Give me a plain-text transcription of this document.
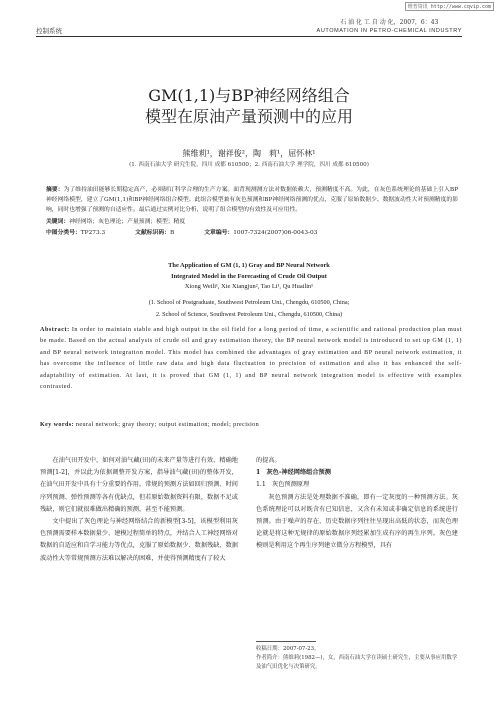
维普资讯 http://www.cqvip.com
控制系统
石 油 化 工 自 动 化，2007，6：43
AUTOMATION IN PETRO-CHEMICAL INDUSTRY
GM(1,1)与BP神经网络组合
模型在原油产量预测中的应用
熊维莉¹，谢祥俊²，陶　莉¹，屈怀林¹
(1. 西南石油大学 研究生院，四川 成都 610500；2. 西南石油大学 理学院，四川 成都 610500)
摘要：为了维持油田能够长期稳定高产，必须制订科学合理的生产方案。面背现测测方法对数据依赖大，预测精度不高。为此，在灰色系统理论的基础上引入BP神经网络模型，建立了GM(1,1)和BP神经网络组合模型。此组合模型兼有灰色预测和BP神经网络预测的优点，克服了原始数据少、数据波动性大对预测精度的影响，同时也增强了预测的自适应性。最后通过实例对比分析，说明了组合模型的有效性及可应用性。
关键词：神经网络；灰色理论；产量预测；模型；精度
中图分类号：TP273.3	文献标识码：B	文章编号：1007-7324(2007)06-0043-03
The Application of GM (1, 1) Gray and BP Neural Network
Integrated Model in the Forecasting of Crude Oil Output
Xiong Weili¹, Xie Xiangjun², Tao Li¹, Qu Huailin¹
(1. School of Postgraduate, Southwest Petroleum Uni., Chengdu, 610500, China;
2. School of Science, Southwest Petroleum Uni., Chengdu, 610500, China)
Abstract: In order to maintain stable and high output in the oil field for a long period of time, a scientific and rational production plan must be made. Based on the actual analysis of crude oil and gray estimation theory, the BP neural network model is introduced to set up GM (1, 1) and BP neural network integration model. This model has combined the advantages of gray estimation and BP neural network estimation, it has overcome the influence of little raw data and high data fluctuation to precision of estimation and also it has enhanced the self-adaptability of estimation. At last, it is proved that GM (1, 1) and BP neural network integration model is effective with examples contrasted.
Key words: neural network; gray theory; output estimation; model; precision

在油气田开发中，如何对油气藏(田)的未来产量等进行有效、精确地预测[1-2]，并以此为依据调整开发方案，指导油气藏(田)的整体开发，在油气田开发中具有十分重要的作用。常规的预测方法如回归预测、时间序列预测、弹性预测等各有优缺点，但若原始数据资料有限，数据不足或残缺，则它们就很难做出精确的预测，甚至不能预测。

文中提出了灰色理论与神经网络结合的新模型[3-5]，该模型利用灰色预测需要样本数据量少、建模过程简单的特点，并结合人工神经网络对数据的自适应和自学习能力等优点，克服了原始数据少、数据残缺、数据波动性大等常规预测方法难以解决的困难，并使得预测精度有了较大

的提高。
1　灰色-神经网络组合预测
1.1　灰色预测原理

灰色预测方法是处理数据不准确，即有一定灰度的一种预测方法。灰色系统理论可以对既含有已知信息，又含有未知或非确定信息的系统进行预测。由于噪声的存在，历史数据序列往往呈现出高低的状态，而灰色理论就是将这种无规律的原始数据序列经累加生成有序的再生序列。灰色建模则是利用这个再生序列建立微分方程模型，具有

收稿日期：2007-07-23。

作者简介：熊维莉(1982—)，女，西南石油大学在读硕士研究生，主要从事应用数学及油气田优化与决策研究。
